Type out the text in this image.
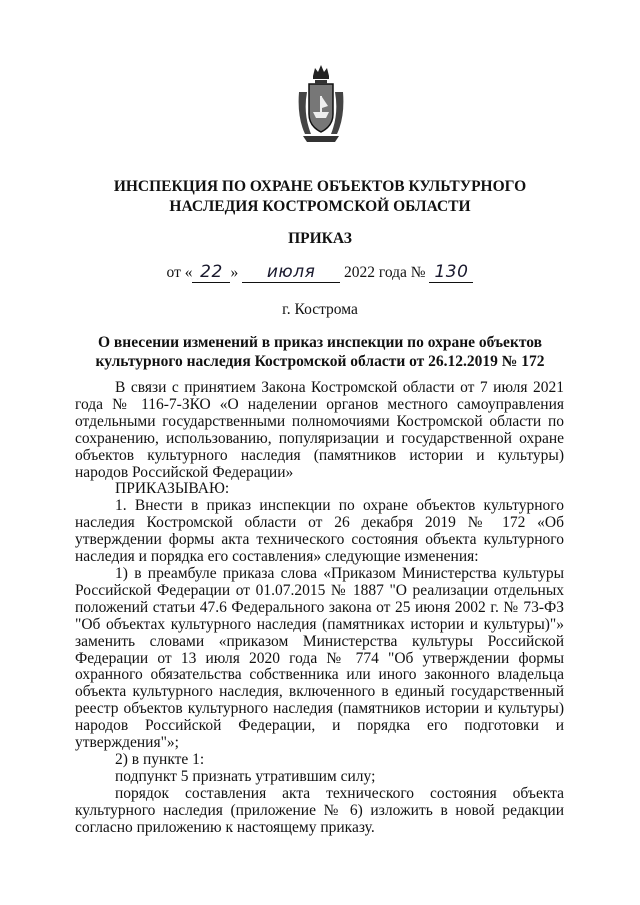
ИНСПЕКЦИЯ ПО ОХРАНЕ ОБЪЕКТОВ КУЛЬТУРНОГО
НАСЛЕДИЯ КОСТРОМСКОЙ ОБЛАСТИ
ПРИКАЗ
от « 22 » июля 2022 года № 130
г. Кострома
О внесении изменений в приказ инспекции по охране объектов
культурного наследия Костромской области от 26.12.2019 № 172

В связи с принятием Закона Костромской области от 7 июля 2021 года № 116-7-ЗКО «О наделении органов местного самоуправления отдельными государственными полномочиями Костромской области по сохранению, использованию, популяризации и государственной охране объектов культурного наследия (памятников истории и культуры) народов Российской Федерации»

ПРИКАЗЫВАЮ:

1. Внести в приказ инспекции по охране объектов культурного наследия Костромской области от 26 декабря 2019 № 172 «Об утверждении формы акта технического состояния объекта культурного наследия и порядка его составления» следующие изменения:

1) в преамбуле приказа слова «Приказом Министерства культуры Российской Федерации от 01.07.2015 № 1887 "О реализации отдельных положений статьи 47.6 Федерального закона от 25 июня 2002 г. № 73-ФЗ "Об объектах культурного наследия (памятниках истории и культуры)"» заменить словами «приказом Министерства культуры Российской Федерации от 13 июля 2020 года № 774 "Об утверждении формы охранного обязательства собственника или иного законного владельца объекта культурного наследия, включенного в единый государственный реестр объектов культурного наследия (памятников истории и культуры) народов Российской Федерации, и порядка его подготовки и утверждения"»;

2) в пункте 1:

подпункт 5 признать утратившим силу;

порядок составления акта технического состояния объекта культурного наследия (приложение № 6) изложить в новой редакции согласно приложению к настоящему приказу.
